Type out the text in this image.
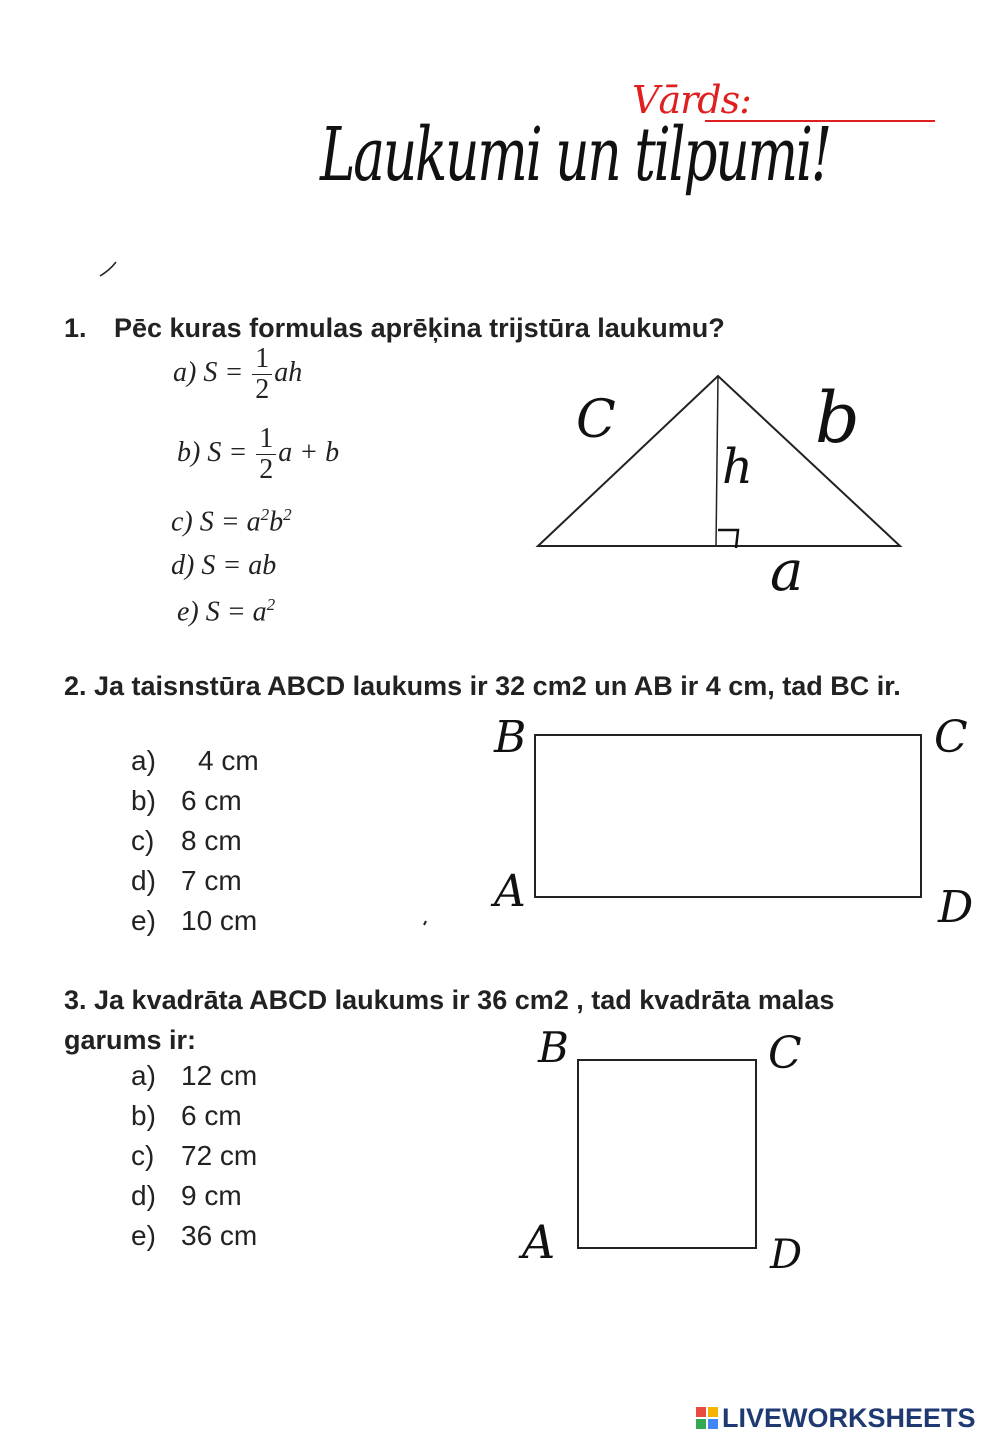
Vārds:
Laukumi un tilpumi!
1. Pēc kuras formulas aprēķina trijstūra laukumu?
a) $S = \frac{1}{2}$ ah
b) $S = \frac{1}{2}$ a + b
c) $S = a^2b^2$
d) S = ab
e) $S = a^2$
2. Ja taisnstūra ABCD laukums ir 32 cm2 un AB ir 4 cm, tad BC ir.
a) 4 cm
b) 6 cm
c) 8 cm
d) 7 cm
e) 10 cm
3. Ja kvadrāta ABCD laukums ir 36 cm2 , tad kvadrāta malas garums ir:
a) 12 cm
b) 6 cm
c) 72 cm
d) 9 cm
e) 36 cm
C	b
h
a
B	C
A	D
B	C
A	D
LIVEWORKSHEETS
